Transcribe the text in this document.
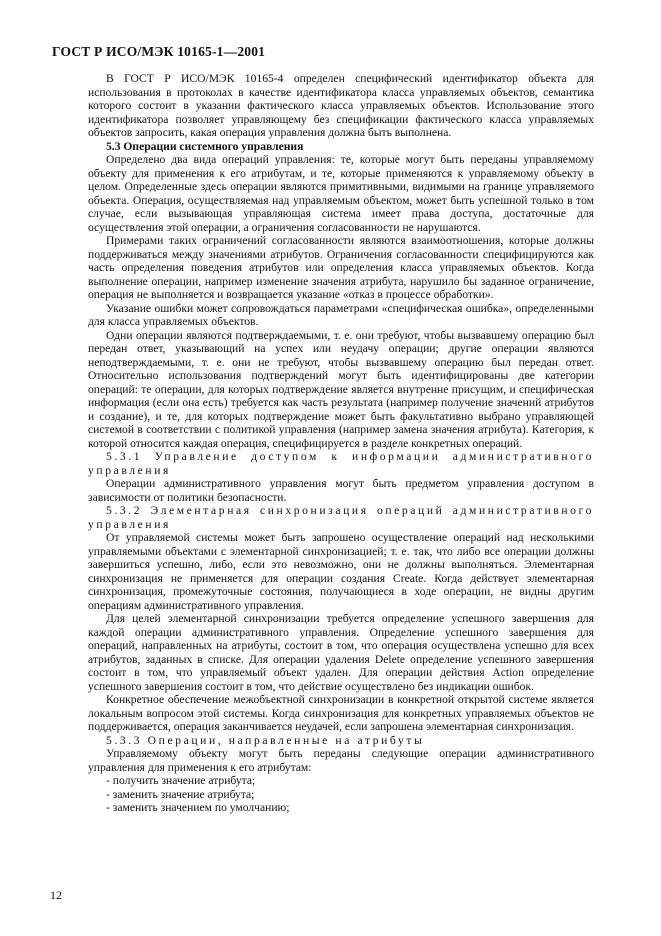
ГОСТ Р ИСО/МЭК 10165-1—2001

В ГОСТ Р ИСО/МЭК 10165-4 определен специфический идентификатор объекта для использования в протоколах в качестве идентификатора класса управляемых объектов, семантика которого состоит в указании фактического класса управляемых объектов. Использование этого идентификатора позволяет управляющему без спецификации фактического класса управляемых объектов запросить, какая операция управления должна быть выполнена.

5.3 Операции системного управления

Определено два вида операций управления: те, которые могут быть переданы управляемому объекту для применения к его атрибутам, и те, которые применяются к управляемому объекту в целом. Определенные здесь операции являются примитивными, видимыми на границе управляемого объекта. Операция, осуществляемая над управляемым объектом, может быть успешной только в том случае, если вызывающая управляющая система имеет права доступа, достаточные для осуществления этой операции, а ограничения согласованности не нарушаются.

Примерами таких ограничений согласованности являются взаимоотношения, которые должны поддерживаться между значениями атрибутов. Ограничения согласованности специфицируются как часть определения поведения атрибутов или определения класса управляемых объектов. Когда выполнение операции, например изменение значения атрибута, нарушило бы заданное ограничение, операция не выполняется и возвращается указание «отказ в процессе обработки».

Указание ошибки может сопровождаться параметрами «специфическая ошибка», определенными для класса управляемых объектов.

Одни операции являются подтверждаемыми, т. е. они требуют, чтобы вызвавшему операцию был передан ответ, указывающий на успех или неудачу операции; другие операции являются неподтверждаемыми, т. е. они не требуют, чтобы вызвавшему операцию был передан ответ. Относительно использования подтверждений могут быть идентифицированы две категории операций: те операции, для которых подтверждение является внутренне присущим, и специфическая информация (если она есть) требуется как часть результата (например получение значений атрибутов и создание), и те, для которых подтверждение может быть факультативно выбрано управляющей системой в соответствии с политикой управления (например замена значения атрибута). Категория, к которой относится каждая операция, специфицируется в разделе конкретных операций.

5.3.1 Управление доступом к информации административного управления

Операции административного управления могут быть предметом управления доступом в зависимости от политики безопасности.

5.3.2 Элементарная синхронизация операций административного управления

От управляемой системы может быть запрошено осуществление операций над несколькими управляемыми объектами с элементарной синхронизацией; т. е. так, что либо все операции должны завершиться успешно, либо, если это невозможно, они не должны выполняться. Элементарная синхронизация не применяется для операции создания Create. Когда действует элементарная синхронизация, промежуточные состояния, получающиеся в ходе операции, не видны другим операциям административного управления.

Для целей элементарной синхронизации требуется определение успешного завершения для каждой операции административного управления. Определение успешного завершения для операций, направленных на атрибуты, состоит в том, что операция осуществлена успешно для всех атрибутов, заданных в списке. Для операции удаления Delete определение успешного завершения состоит в том, что управляемый объект удален. Для операции действия Action определение успешного завершения состоит в том, что действие осуществлено без индикации ошибок.

Конкретное обеспечение межобъектной синхронизации в конкретной открытой системе является локальным вопросом этой системы. Когда синхронизация для конкретных управляемых объектов не поддерживается, операция заканчивается неудачей, если запрошена элементарная синхронизация.

5.3.3 Операции, направленные на атрибуты

Управляемому объекту могут быть переданы следующие операции административного управления для применения к его атрибутам:

- получить значение атрибута;

- заменить значение атрибута;

- заменить значением по умолчанию;

12
